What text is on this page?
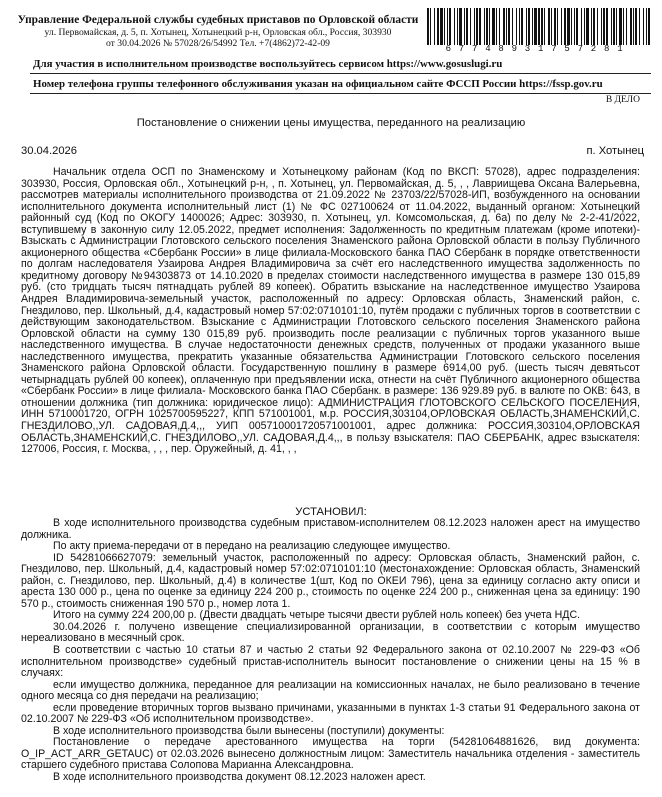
Управление Федеральной службы судебных приставов по Орловской области
ул. Первомайская, д. 5, п. Хотынец, Хотынецкий р-н, Орловская обл., Россия, 303930
от 30.04.2026 № 57028/26/54992 Тел. +7(4862)72-42-09	67748931757281
Для участия в исполнительном производстве воспользуйтесь сервисом https://www.gosuslugi.ru
Номер телефона группы телефонного обслуживания указан на официальном сайте ФССП России https://fssp.gov.ru
В ДЕЛО
Постановление о снижении цены имущества, переданного на реализацию
30.04.2026	п. Хотынец
Начальник отдела ОСП по Знаменскому и Хотынецкому районам (Код по ВКСП: 57028), адрес подразделения: 303930, Россия, Орловская обл., Хотынецкий р-н, , п. Хотынец, ул. Первомайская, д. 5, , , Лавриищева Оксана Валерьевна, рассмотрев материалы исполнительного производства от 21.09.2022 № 23703/22/57028-ИП, возбужденного на основании исполнительного документа исполнительный лист (1) № ФС 027100624 от 11.04.2022, выданный органом: Хотынецкий районный суд (Код по ОКОГУ 1400026; Адрес: 303930, п. Хотынец, ул. Комсомольская, д. 6а) по делу № 2-2-41/2022, вступившему в законную силу 12.05.2022, предмет исполнения: Задолженность по кредитным платежам (кроме ипотеки)-Взыскать с Администрации Глотовского сельского поселения Знаменского района Орловской области в пользу Публичного акционерного общества «Сбербанк России» в лице филиала-Московского банка ПАО Сбербанк в порядке ответственности по долгам наследователя Узаирова Андрея Владимировича за счёт его наследственного имущества задолженность по кредитному договору №94303873 от 14.10.2020 в пределах стоимости наследственного имущества в размере 130 015,89 руб. (сто тридцать тысяч пятнадцать рублей 89 копеек). Обратить взыскание на наследственное имущество Узаирова Андрея Владимировича-земельный участок, расположенный по адресу: Орловская область, Знаменский район, с. Гнездилово, пер. Школьный, д.4, кадастровый номер 57:02:0710101:10, путём продажи с публичных торгов в соответствии с действующим законодательством. Взыскание с Администрации Глотовского сельского поселения Знаменского района Орловской области на сумму 130 015,89 руб. производить после реализации с публичных торгов указанного выше наследственного имущества. В случае недостаточности денежных средств, полученных от продажи указанного выше наследственного имущества, прекратить указанные обязательства Администрации Глотовского сельского поселения Знаменского района Орловской области. Государственную пошлину в размере 6914,00 руб. (шесть тысяч девятьсот четырнадцать рублей 00 копеек), оплаченную при предъявлении иска, отнести на счёт Публичного акционерного общества «Сбербанк России» в лице филиала- Московского банка ПАО Сбербанк. в размере: 136 929.89 руб. в валюте по ОКВ: 643, в отношении должника (тип должника: юридическое лицо): АДМИНИСТРАЦИЯ ГЛОТОВСКОГО СЕЛЬСКОГО ПОСЕЛЕНИЯ, ИНН 5710001720, ОГРН 1025700595227, КПП 571001001, м.р. РОССИЯ,303104,ОРЛОВСКАЯ ОБЛАСТЬ,ЗНАМЕНСКИЙ,С. ГНЕЗДИЛОВО,,УЛ. САДОВАЯ,Д.4,,, УИП 005710001720571001001, адрес должника: РОССИЯ,303104,ОРЛОВСКАЯ ОБЛАСТЬ,ЗНАМЕНСКИЙ,С. ГНЕЗДИЛОВО,,УЛ. САДОВАЯ,Д.4,,, в пользу взыскателя: ПАО СБЕРБАНК, адрес взыскателя: 127006, Россия, г. Москва, , , , пер. Оружейный, д. 41, , ,
УСТАНОВИЛ:

В ходе исполнительного производства судебным приставом-исполнителем 08.12.2023 наложен арест на имущество должника.

По акту приема-передачи от в передано на реализацию следующее имущество.

ID 54281066627079: земельный участок, расположенный по адресу: Орловская область, Знаменский район, с. Гнездилово, пер. Школьный, д.4, кадастровый номер 57:02:0710101:10 (местонахождение: Орловская область, Знаменский район, с. Гнездилово, пер. Школьный, д.4) в количестве 1(шт, Код по ОКЕИ 796), цена за единицу согласно акту описи и ареста 130 000 р., цена по оценке за единицу 224 200 р., стоимость по оценке 224 200 р., сниженная цена за единицу: 190 570 р., стоимость сниженная 190 570 р., номер лота 1.

Итого на сумму 224 200,00 р. (Двести двадцать четыре тысячи двести рублей ноль копеек) без учета НДС.

30.04.2026 г. получено извещение специализированной организации, в соответствии с которым имущество нереализовано в месячный срок.

В соответствии с частью 10 статьи 87 и частью 2 статьи 92 Федерального закона от 02.10.2007 № 229-ФЗ «Об исполнительном производстве» судебный пристав-исполнитель выносит постановление о снижении цены на 15 % в случаях:

если имущество должника, переданное для реализации на комиссионных началах, не было реализовано в течение одного месяца со дня передачи на реализацию;

если проведение вторичных торгов вызвано причинами, указанными в пунктах 1-3 статьи 91 Федерального закона от 02.10.2007 № 229-ФЗ «Об исполнительном производстве».

В ходе исполнительного производства были вынесены (поступили) документы:

Постановление о передаче арестованного имущества на торги (54281064881626, вид документа: O_IP_ACT_ARR_GETAUC) от 02.03.2026 вынесено должностным лицом: Заместитель начальника отделения - заместитель старшего судебного пристава Солопова Марианна Александровна.

В ходе исполнительного производства документ 08.12.2023 наложен арест.
